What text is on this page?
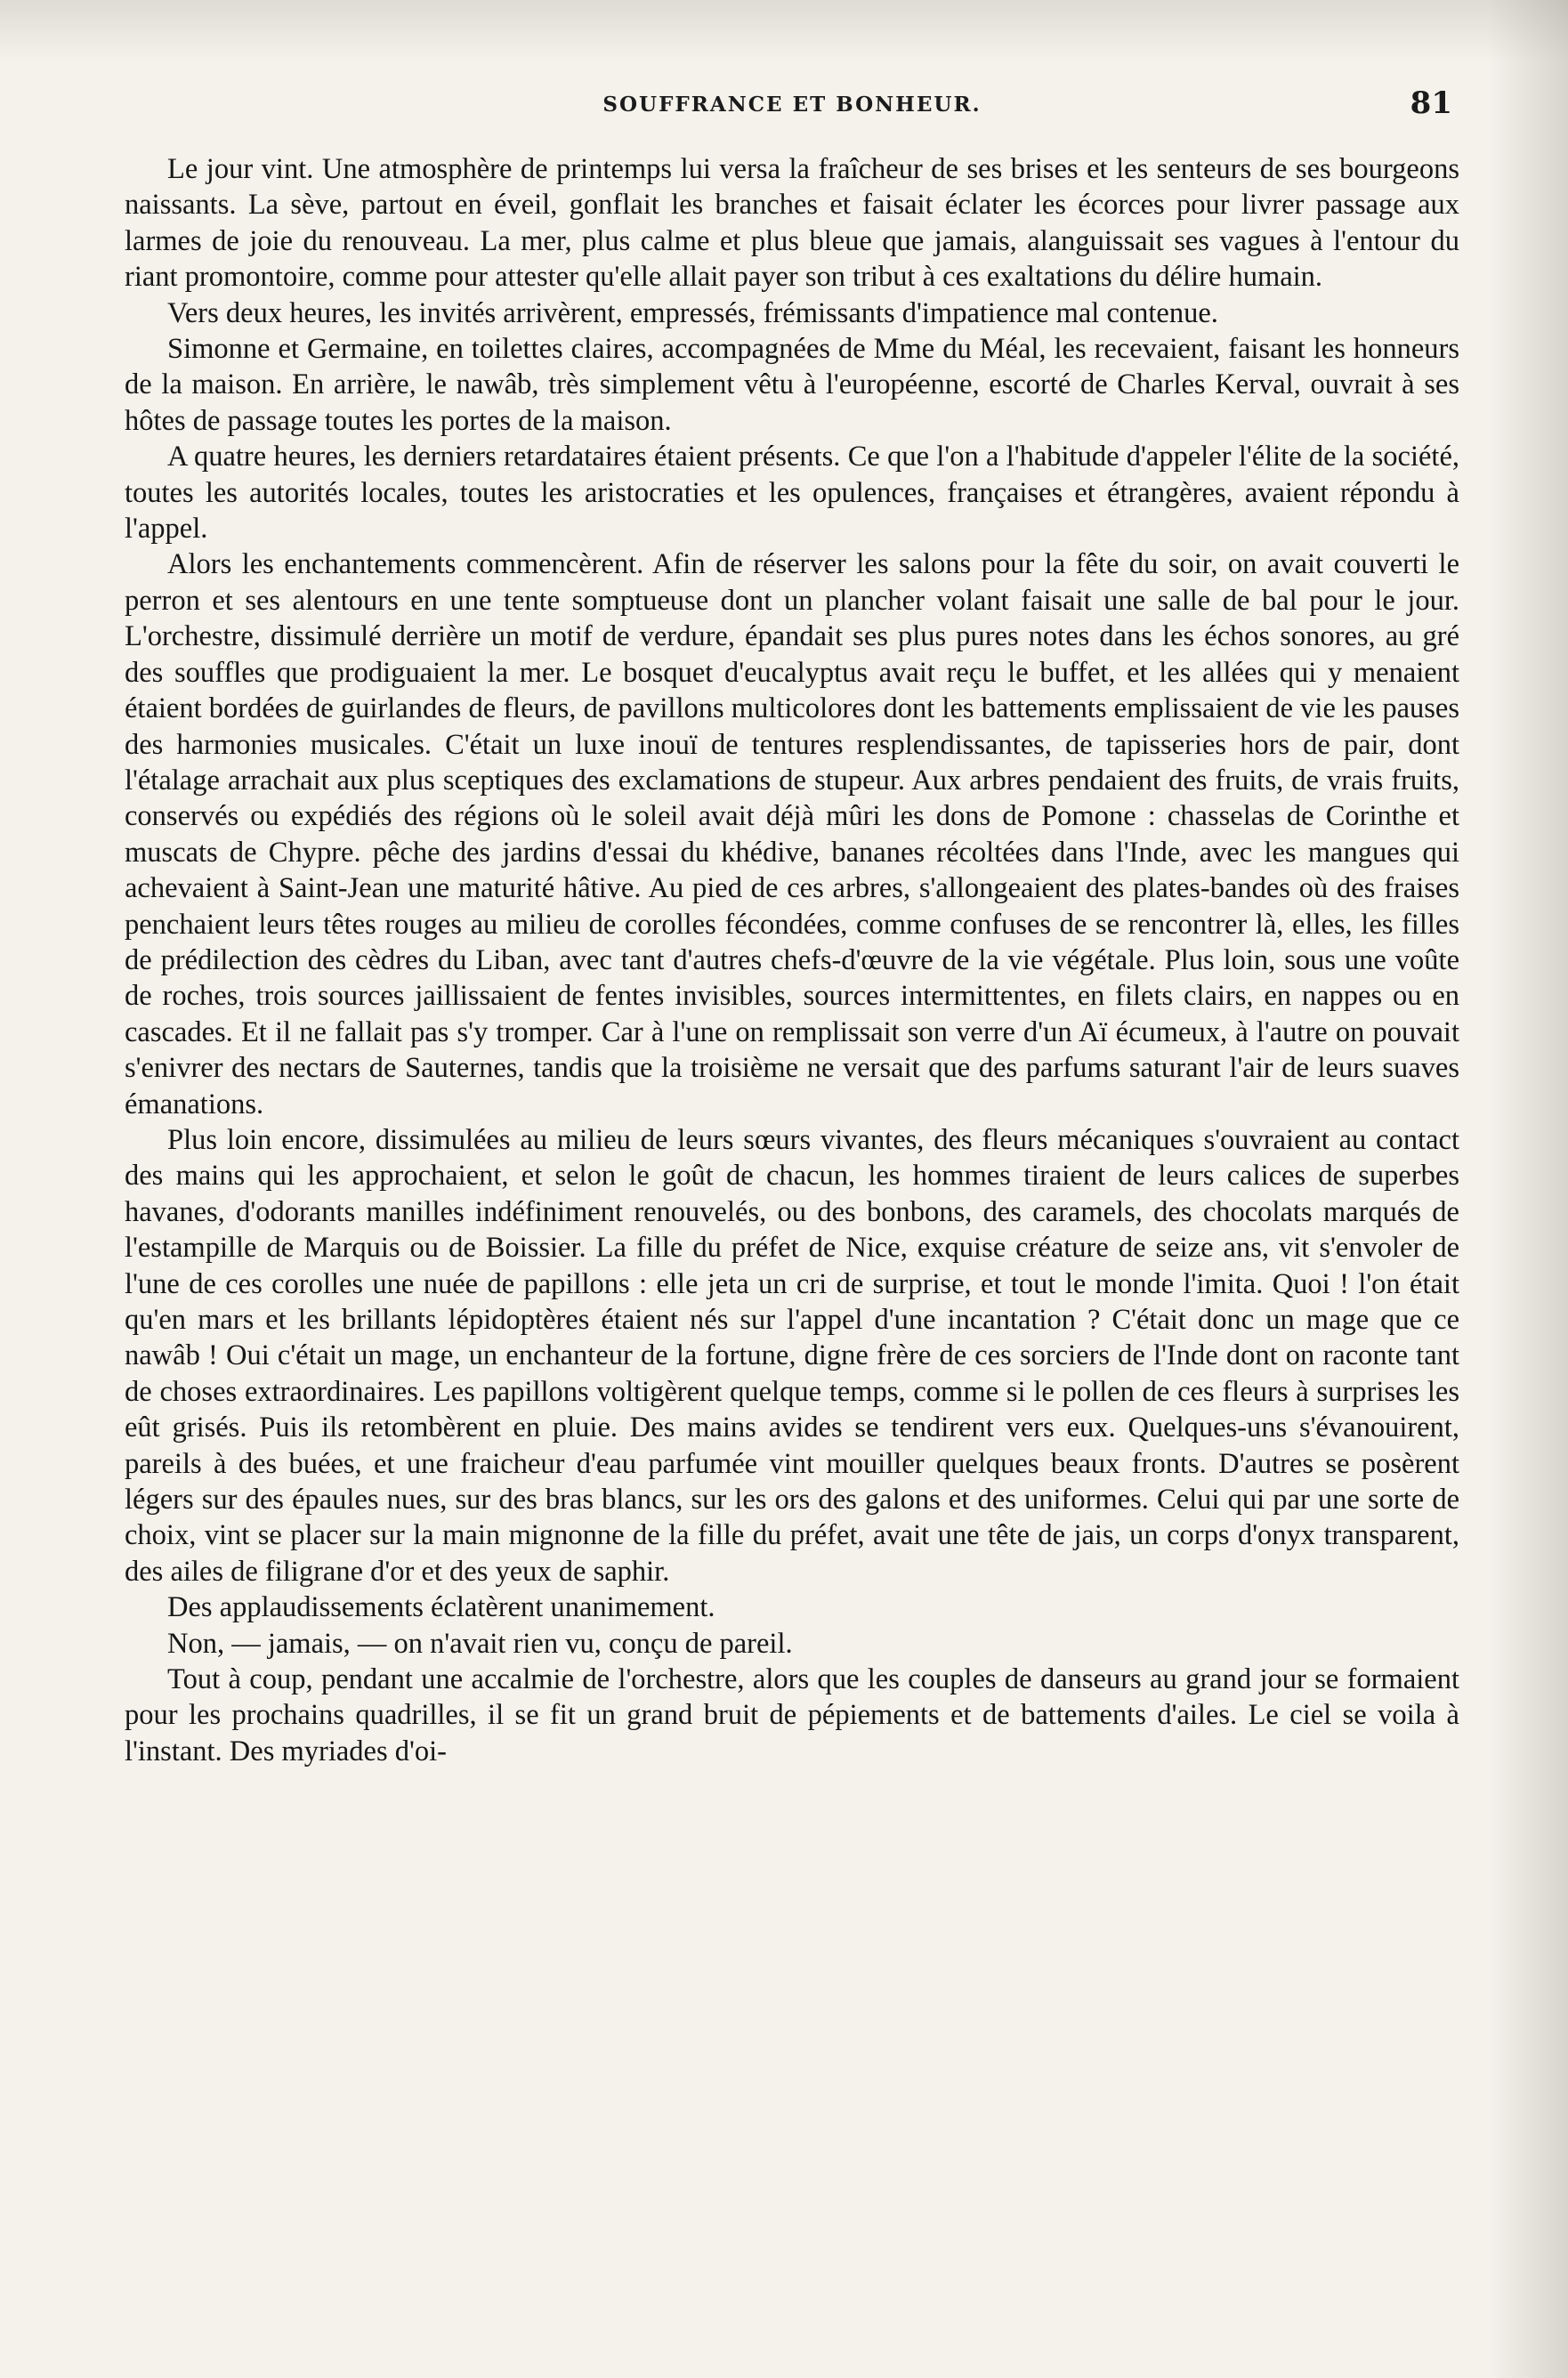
SOUFFRANCE ET BONHEUR.	81

Le jour vint. Une atmosphère de printemps lui versa la fraîcheur de ses brises et les senteurs de ses bourgeons naissants. La sève, partout en éveil, gonflait les branches et faisait éclater les écorces pour livrer passage aux larmes de joie du renouveau. La mer, plus calme et plus bleue que jamais, alanguissait ses vagues à l'entour du riant promontoire, comme pour attester qu'elle allait payer son tribut à ces exaltations du délire humain.

Vers deux heures, les invités arrivèrent, empressés, frémissants d'impatience mal contenue.

Simonne et Germaine, en toilettes claires, accompagnées de Mme du Méal, les recevaient, faisant les honneurs de la maison. En arrière, le nawâb, très simplement vêtu à l'européenne, escorté de Charles Kerval, ouvrait à ses hôtes de passage toutes les portes de la maison.

A quatre heures, les derniers retardataires étaient présents. Ce que l'on a l'habitude d'appeler l'élite de la société, toutes les autorités locales, toutes les aristocraties et les opulences, françaises et étrangères, avaient répondu à l'appel.

Alors les enchantements commencèrent. Afin de réserver les salons pour la fête du soir, on avait couverti le perron et ses alentours en une tente somptueuse dont un plancher volant faisait une salle de bal pour le jour. L'orchestre, dissimulé derrière un motif de verdure, épandait ses plus pures notes dans les échos sonores, au gré des souffles que prodiguaient la mer. Le bosquet d'eucalyptus avait reçu le buffet, et les allées qui y menaient étaient bordées de guirlandes de fleurs, de pavillons multicolores dont les battements emplissaient de vie les pauses des harmonies musicales. C'était un luxe inouï de tentures resplendissantes, de tapisseries hors de pair, dont l'étalage arrachait aux plus sceptiques des exclamations de stupeur. Aux arbres pendaient des fruits, de vrais fruits, conservés ou expédiés des régions où le soleil avait déjà mûri les dons de Pomone : chasselas de Corinthe et muscats de Chypre. pêche des jardins d'essai du khédive, bananes récoltées dans l'Inde, avec les mangues qui achevaient à Saint-Jean une maturité hâtive. Au pied de ces arbres, s'allongeaient des plates-bandes où des fraises penchaient leurs têtes rouges au milieu de corolles fécondées, comme confuses de se rencontrer là, elles, les filles de prédilection des cèdres du Liban, avec tant d'autres chefs-d'œuvre de la vie végétale. Plus loin, sous une voûte de roches, trois sources jaillissaient de fentes invisibles, sources intermittentes, en filets clairs, en nappes ou en cascades. Et il ne fallait pas s'y tromper. Car à l'une on remplissait son verre d'un Aï écumeux, à l'autre on pouvait s'enivrer des nectars de Sauternes, tandis que la troisième ne versait que des parfums saturant l'air de leurs suaves émanations.

Plus loin encore, dissimulées au milieu de leurs sœurs vivantes, des fleurs mécaniques s'ouvraient au contact des mains qui les approchaient, et selon le goût de chacun, les hommes tiraient de leurs calices de superbes havanes, d'odorants manilles indéfiniment renouvelés, ou des bonbons, des caramels, des chocolats marqués de l'estampille de Marquis ou de Boissier. La fille du préfet de Nice, exquise créature de seize ans, vit s'envoler de l'une de ces corolles une nuée de papillons : elle jeta un cri de surprise, et tout le monde l'imita. Quoi ! l'on était qu'en mars et les brillants lépidoptères étaient nés sur l'appel d'une incantation ? C'était donc un mage que ce nawâb ! Oui c'était un mage, un enchanteur de la fortune, digne frère de ces sorciers de l'Inde dont on raconte tant de choses extraordinaires. Les papillons voltigèrent quelque temps, comme si le pollen de ces fleurs à surprises les eût grisés. Puis ils retombèrent en pluie. Des mains avides se tendirent vers eux. Quelques-uns s'évanouirent, pareils à des buées, et une fraicheur d'eau parfumée vint mouiller quelques beaux fronts. D'autres se posèrent légers sur des épaules nues, sur des bras blancs, sur les ors des galons et des uniformes. Celui qui par une sorte de choix, vint se placer sur la main mignonne de la fille du préfet, avait une tête de jais, un corps d'onyx transparent, des ailes de filigrane d'or et des yeux de saphir.

Des applaudissements éclatèrent unanimement.

Non, — jamais, — on n'avait rien vu, conçu de pareil.

Tout à coup, pendant une accalmie de l'orchestre, alors que les couples de danseurs au grand jour se formaient pour les prochains quadrilles, il se fit un grand bruit de pépiements et de battements d'ailes. Le ciel se voila à l'instant. Des myriades d'oi-
